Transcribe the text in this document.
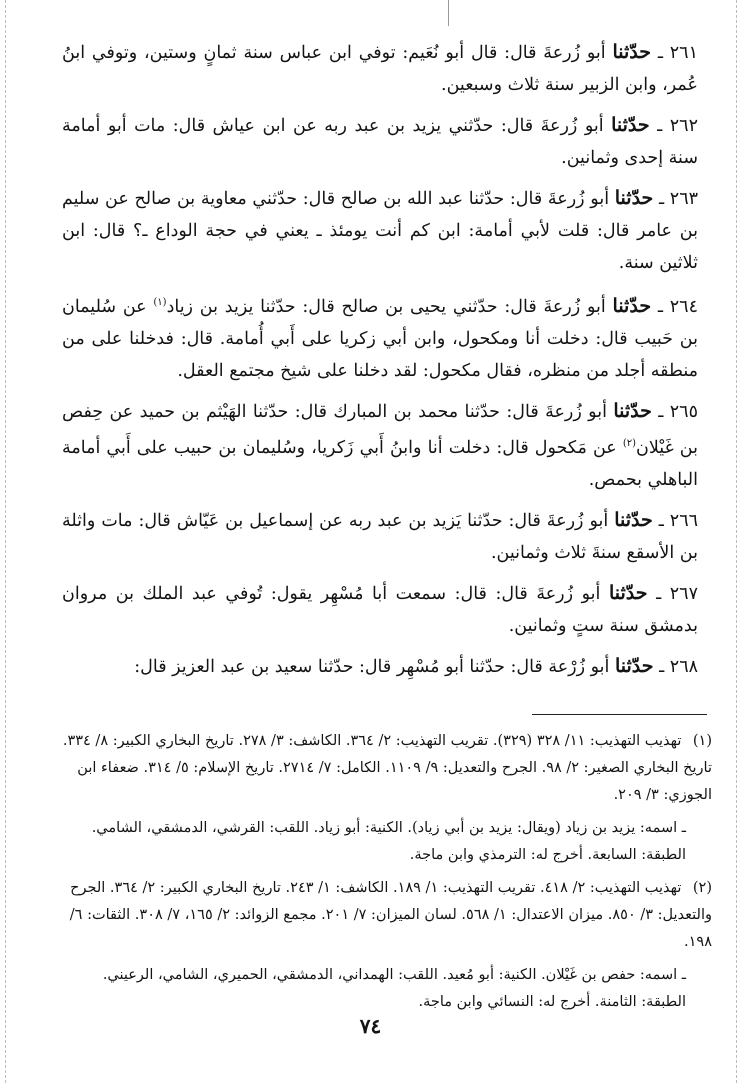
٢٦١ ـ حدّثنا أبو زُرعةَ قال: قال أبو نُعَيم: توفي ابن عباس سنة ثمانٍ وستين، وتوفي ابنُ عُمر، وابن الزبير سنة ثلاث وسبعين.

٢٦٢ ـ حدّثنا أبو زُرعةَ قال: حدّثني يزيد بن عبد ربه عن ابن عياش قال: مات أبو أمامة سنة إحدى وثمانين.

٢٦٣ ـ حدّثنا أبو زُرعةَ قال: حدّثنا عبد الله بن صالح قال: حدّثني معاوية بن صالح عن سليم بن عامر قال: قلت لأبي أمامة: ابن كم أنت يومئذ ـ يعني في حجة الوداع ـ؟ قال: ابن ثلاثين سنة.

٢٦٤ ـ حدّثنا أبو زُرعةَ قال: حدّثني يحيى بن صالح قال: حدّثنا يزيد بن زياد$^{(١)}$ عن سُليمان بن حَبيب قال: دخلت أنا ومكحول، وابن أبي زكريا على أَبي أُمامة. قال: فدخلنا على من منطقه أجلد من منظره، فقال مكحول: لقد دخلنا على شيخ مجتمع العقل.

٢٦٥ ـ حدّثنا أبو زُرعةَ قال: حدّثنا محمد بن المبارك قال: حدّثنا الهَيْثم بن حميد عن حِفص بن غَيْلان$^{(٢)}$ عن مَكحول قال: دخلت أنا وابنُ أَبي زَكريا، وسُليمان بن حبيب على أَبي أمامة الباهلي بحمص.

٢٦٦ ـ حدّثنا أبو زُرعةَ قال: حدّثنا يَزيد بن عبد ربه عن إسماعيل بن عَيّاش قال: مات واثلة بن الأسقع سنةَ ثلاث وثمانين.

٢٦٧ ـ حدّثنا أبو زُرعةَ قال: قال: سمعت أبا مُسْهِر يقول: تُوفي عبد الملك بن مروان بدمشق سنة ستٍ وثمانين.

٢٦٨ ـ حدّثنا أبو زُرْعة قال: حدّثنا أبو مُسْهِر قال: حدّثنا سعيد بن عبد العزيز قال:

(١) تهذيب التهذيب: ١١/ ٣٢٨ (٣٢٩). تقريب التهذيب: ٢/ ٣٦٤. الكاشف: ٣/ ٢٧٨. تاريخ البخاري الكبير: ٨/ ٣٣٤. تاريخ البخاري الصغير: ٢/ ٩٨. الجرح والتعديل: ٩/ ١١٠٩. الكامل: ٧/ ٢٧١٤. تاريخ الإسلام: ٥/ ٣١٤. ضعفاء ابن الجوزي: ٣/ ٢٠٩.

ـ اسمه: يزيد بن زياد (ويقال: يزيد بن أبي زياد). الكنية: أبو زياد. اللقب: القرشي، الدمشقي، الشامي. الطبقة: السابعة. أخرج له: الترمذي وابن ماجة.

(٢) تهذيب التهذيب: ٢/ ٤١٨. تقريب التهذيب: ١/ ١٨٩. الكاشف: ١/ ٢٤٣. تاريخ البخاري الكبير: ٢/ ٣٦٤. الجرح والتعديل: ٣/ ٨٥٠. ميزان الاعتدال: ١/ ٥٦٨. لسان الميزان: ٧/ ٢٠١. مجمع الزوائد: ٢/ ١٦٥، ٧/ ٣٠٨. الثقات: ٦/ ١٩٨.

ـ اسمه: حفص بن غَيْلان. الكنية: أبو مُعيد. اللقب: الهمداني، الدمشقي، الحميري، الشامي، الرعيني. الطبقة: الثامنة. أخرج له: النسائي وابن ماجة.

٧٤
